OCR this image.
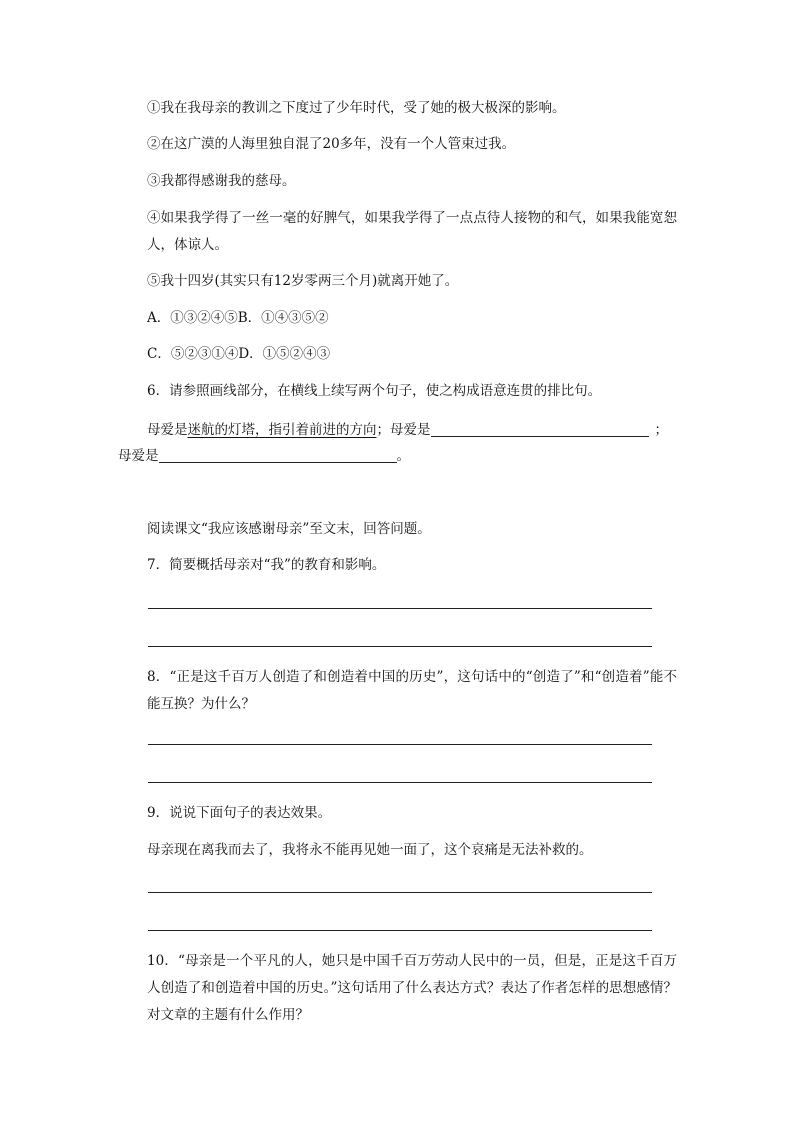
①我在我母亲的教训之下度过了少年时代，受了她的极大极深的影响。

②在这广漠的人海里独自混了20多年，没有一个人管束过我。

③我都得感谢我的慈母。

④如果我学得了一丝一毫的好脾气，如果我学得了一点点待人接物的和气，如果我能宽恕人，体谅人。

⑤我十四岁(其实只有12岁零两三个月)就离开她了。

A．①③②④⑤B．①④③⑤②

C．⑤②③①④D．①⑤②④③

6．请参照画线部分，在横线上续写两个句子，使之构成语意连贯的排比句。

母爱是迷航的灯塔，指引着前进的方向；母爱是	；

母爱是	。

阅读课文“我应该感谢母亲”至文末，回答问题。

7．简要概括母亲对“我”的教育和影响。

8．“正是这千百万人创造了和创造着中国的历史”，这句话中的“创造了”和“创造着”能不能互换？为什么？

9．说说下面句子的表达效果。

母亲现在离我而去了，我将永不能再见她一面了，这个哀痛是无法补救的。

10．“母亲是一个平凡的人，她只是中国千百万劳动人民中的一员，但是，正是这千百万人创造了和创造着中国的历史。”这句话用了什么表达方式？表达了作者怎样的思想感情？对文章的主题有什么作用？
